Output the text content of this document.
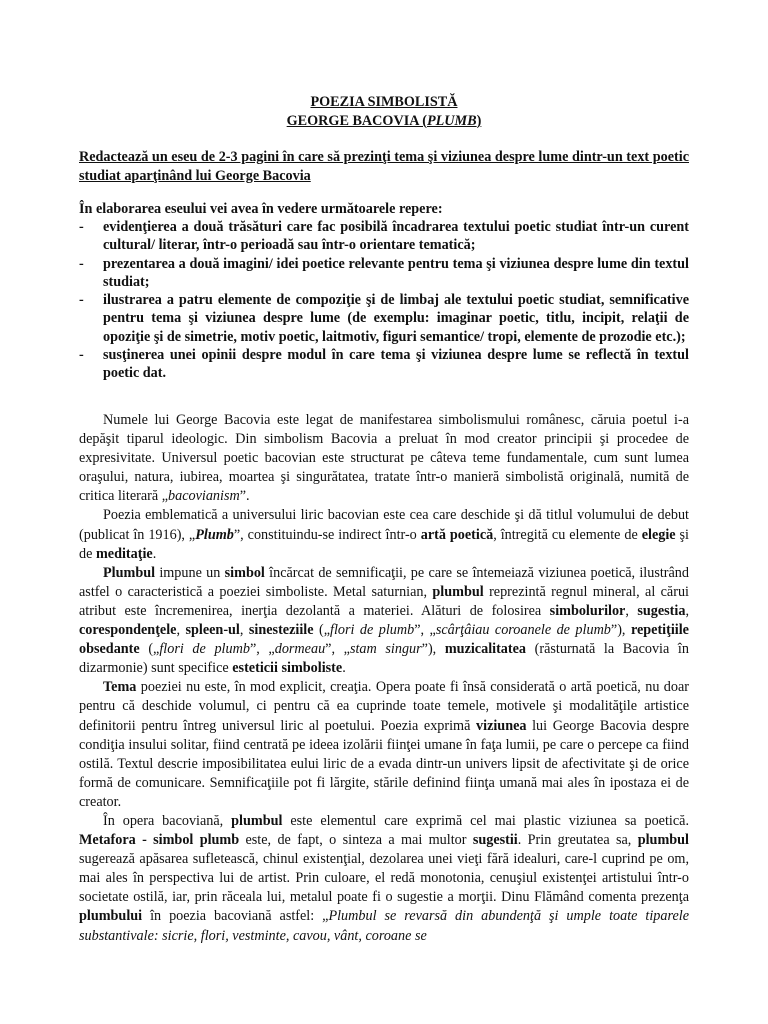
POEZIA SIMBOLISTĂ
GEORGE BACOVIA (PLUMB)
Redactează un eseu de 2-3 pagini în care să prezinţi tema şi viziunea despre lume dintr-un text poetic studiat aparţinând lui George Bacovia
În elaborarea eseului vei avea în vedere următoarele repere:
- evidenţierea a două trăsături care fac posibilă încadrarea textului poetic studiat într-un curent cultural/ literar, într-o perioadă sau într-o orientare tematică;
- prezentarea a două imagini/ idei poetice relevante pentru tema şi viziunea despre lume din textul studiat;
- ilustrarea a patru elemente de compoziţie şi de limbaj ale textului poetic studiat, semnificative pentru tema şi viziunea despre lume (de exemplu: imaginar poetic, titlu, incipit, relaţii de opoziţie şi de simetrie, motiv poetic, laitmotiv, figuri semantice/ tropi, elemente de prozodie etc.);
- susţinerea unei opinii despre modul în care tema şi viziunea despre lume se reflectă în textul poetic dat.

Numele lui George Bacovia este legat de manifestarea simbolismului românesc, căruia poetul i-a depăşit tiparul ideologic. Din simbolism Bacovia a preluat în mod creator principii şi procedee de expresivitate. Universul poetic bacovian este structurat pe câteva teme fundamentale, cum sunt lumea oraşului, natura, iubirea, moartea şi singurătatea, tratate într-o manieră simbolistă originală, numită de critica literară „bacovianism”.

Poezia emblematică a universului liric bacovian este cea care deschide şi dă titlul volumului de debut (publicat în 1916), „Plumb”, constituindu-se indirect într-o artă poetică, întregită cu elemente de elegie şi de meditaţie.

Plumbul impune un simbol încărcat de semnificaţii, pe care se întemeiază viziunea poetică, ilustrând astfel o caracteristică a poeziei simboliste. Metal saturnian, plumbul reprezintă regnul mineral, al cărui atribut este încremenirea, inerţia dezolantă a materiei. Alături de folosirea simbolurilor, sugestia, corespondenţele, spleen-ul, sinesteziile („flori de plumb”, „scârţâiau coroanele de plumb”), repetiţiile obsedante („flori de plumb”, „dormeau”, „stam singur”), muzicalitatea (răsturnată la Bacovia în dizarmonie) sunt specifice esteticii simboliste.

Tema poeziei nu este, în mod explicit, creaţia. Opera poate fi însă considerată o artă poetică, nu doar pentru că deschide volumul, ci pentru că ea cuprinde toate temele, motivele şi modalităţile artistice definitorii pentru întreg universul liric al poetului. Poezia exprimă viziunea lui George Bacovia despre condiţia insului solitar, fiind centrată pe ideea izolării fiinţei umane în faţa lumii, pe care o percepe ca fiind ostilă. Textul descrie imposibilitatea eului liric de a evada dintr-un univers lipsit de afectivitate şi de orice formă de comunicare. Semnificaţiile pot fi lărgite, stările definind fiinţa umană mai ales în ipostaza ei de creator.

În opera bacoviană, plumbul este elementul care exprimă cel mai plastic viziunea sa poetică. Metafora - simbol plumb este, de fapt, o sinteza a mai multor sugestii. Prin greutatea sa, plumbul sugerează apăsarea sufletească, chinul existenţial, dezolarea unei vieţi fără idealuri, care-l cuprind pe om, mai ales în perspectiva lui de artist. Prin culoare, el redă monotonia, cenuşiul existenţei artistului într-o societate ostilă, iar, prin răceala lui, metalul poate fi o sugestie a morţii. Dinu Flămând comenta prezenţa plumbului în poezia bacoviană astfel: „Plumbul se revarsă din abundenţă şi umple toate tiparele substantivale: sicrie, flori, vestminte, cavou, vânt, coroane se
